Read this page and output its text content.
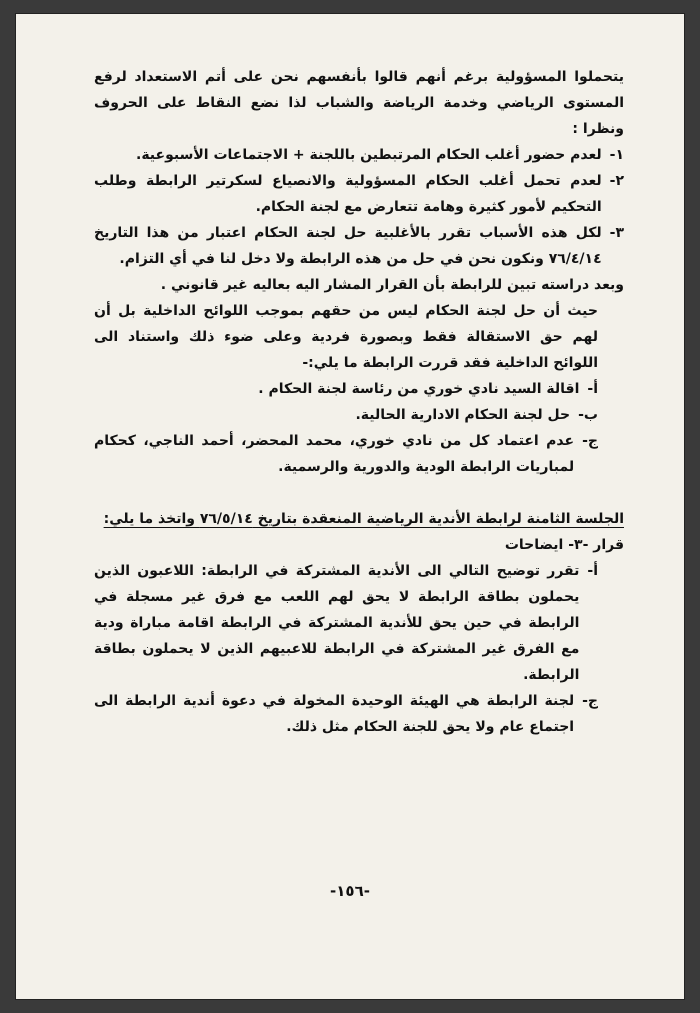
يتحملوا المسؤولية برغم أنهم قالوا بأنفسهم نحن على أتم الاستعداد لرفع المستوى الرياضي وخدمة الرياضة والشباب لذا نضع النقاط على الحروف ونظرا :

١-
لعدم حضور أغلب الحكام المرتبطين باللجنة + الاجتماعات الأسبوعية.
٢-
لعدم تحمل أغلب الحكام المسؤولية والانصياع لسكرتير الرابطة وطلب التحكيم لأمور كثيرة وهامة تتعارض مع لجنة الحكام.
٣-
لكل هذه الأسباب تقرر بالأغلبية حل لجنة الحكام اعتبار من هذا التاريخ ٧٦/٤/١٤ ونكون نحن في حل من هذه الرابطة ولا دخل لنا في أي التزام.

وبعد دراسته تبين للرابطة بأن القرار المشار اليه بعاليه غير قانوني .

حيث أن حل لجنة الحكام ليس من حقهم بموجب اللوائح الداخلية بل أن لهم حق الاستقالة فقط وبصورة فردية وعلى ضوء ذلك واستناد الى اللوائح الداخلية فقد قررت الرابطة ما يلي:-

أ-
اقالة السيد نادي خوري من رئاسة لجنة الحكام .
ب-
حل لجنة الحكام الادارية الحالية.
ج-
عدم اعتماد كل من نادي خوري، محمد المحضر، أحمد الناجي، كحكام لمباريات الرابطة الودية والدورية والرسمية.

الجلسة الثامنة لرابطة الأندية الرياضية المنعقدة بتاريخ ٧٦/٥/١٤ واتخذ ما يلي:

قرار -٣- ايضاحات

أ-
تقرر توضيح التالي الى الأندية المشتركة في الرابطة: اللاعبون الذين يحملون بطاقة الرابطة لا يحق لهم اللعب مع فرق غير مسجلة في الرابطة في حين يحق للأندية المشتركة في الرابطة اقامة مباراة ودية مع الفرق غير المشتركة في الرابطة للاعبيهم الذين لا يحملون بطاقة الرابطة.
ج-
لجنة الرابطة هي الهيئة الوحيدة المخولة في دعوة أندية الرابطة الى اجتماع عام ولا يحق للجنة الحكام مثل ذلك.
-١٥٦-
